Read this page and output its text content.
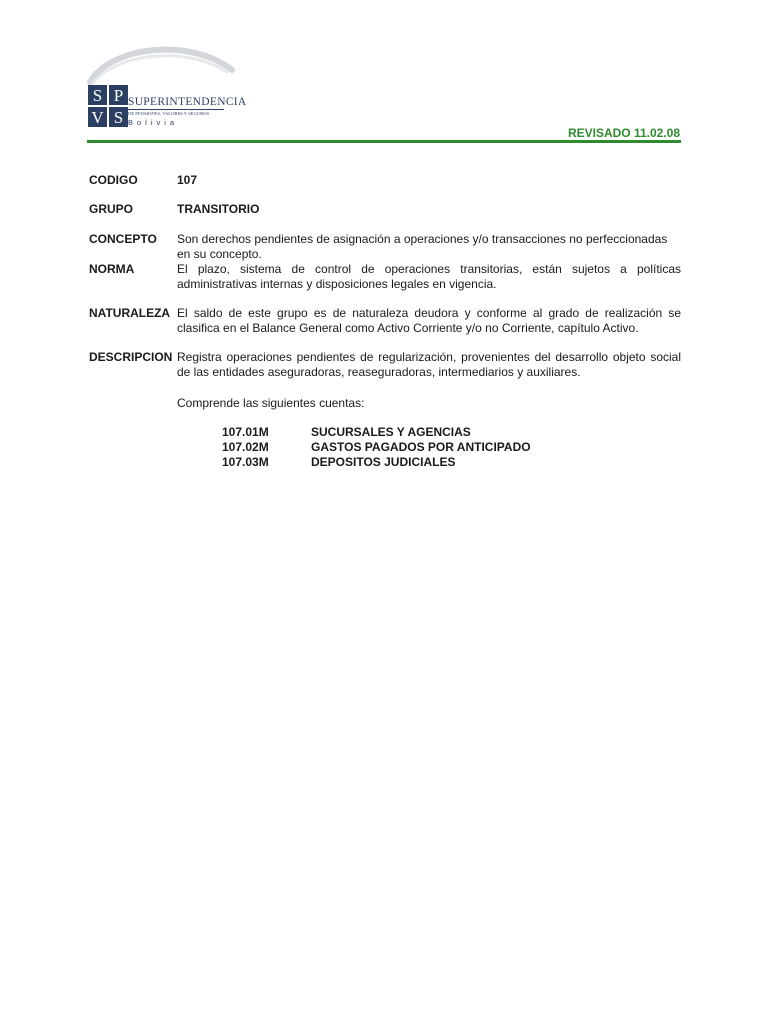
S P
V S
SUPERINTENDENCIA
DE PENSIONES, VALORES Y SEGUROS
Bolivia
REVISADO 11.02.08
CODIGO	107
GRUPO	TRANSITORIO
CONCEPTO Son derechos pendientes de asignación a operaciones y/o transacciones no perfeccionadas en su concepto.
NORMA	El plazo, sistema de control de operaciones transitorias, están sujetos a políticas administrativas internas y disposiciones legales en vigencia.
NATURALEZA El saldo de este grupo es de naturaleza deudora y conforme al grado de realización se clasifica en el Balance General como Activo Corriente y/o no Corriente, capítulo Activo.
DESCRIPCION Registra operaciones pendientes de regularización, provenientes del desarrollo objeto social de las entidades aseguradoras, reaseguradoras, intermediarios y auxiliares.
Comprende las siguientes cuentas:
107.01M	SUCURSALES Y AGENCIAS
107.02M	GASTOS PAGADOS POR ANTICIPADO
107.03M	DEPOSITOS JUDICIALES
